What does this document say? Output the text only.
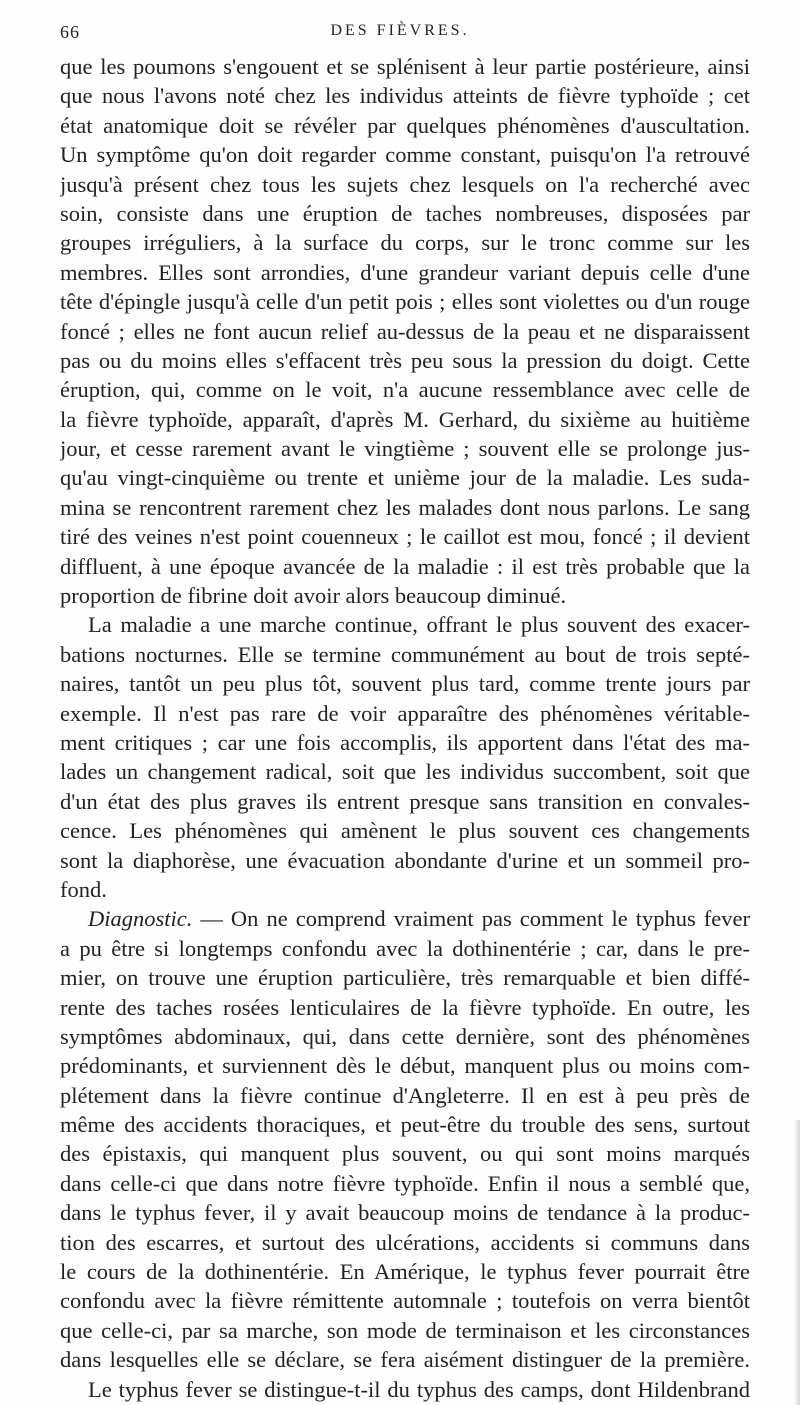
66	DES FIÈVRES.
que les poumons s'engouent et se splénisent à leur partie postérieure, ainsi
que nous l'avons noté chez les individus atteints de fièvre typhoïde ; cet
état anatomique doit se révéler par quelques phénomènes d'auscultation.
Un symptôme qu'on doit regarder comme constant, puisqu'on l'a retrouvé
jusqu'à présent chez tous les sujets chez lesquels on l'a recherché avec
soin, consiste dans une éruption de taches nombreuses, disposées par
groupes irréguliers, à la surface du corps, sur le tronc comme sur les
membres. Elles sont arrondies, d'une grandeur variant depuis celle d'une
tête d'épingle jusqu'à celle d'un petit pois ; elles sont violettes ou d'un rouge
foncé ; elles ne font aucun relief au-dessus de la peau et ne disparaissent
pas ou du moins elles s'effacent très peu sous la pression du doigt. Cette
éruption, qui, comme on le voit, n'a aucune ressemblance avec celle de
la fièvre typhoïde, apparaît, d'après M. Gerhard, du sixième au huitième
jour, et cesse rarement avant le vingtième ; souvent elle se prolonge jus-
qu'au vingt-cinquième ou trente et unième jour de la maladie. Les suda-
mina se rencontrent rarement chez les malades dont nous parlons. Le sang
tiré des veines n'est point couenneux ; le caillot est mou, foncé ; il devient
diffluent, à une époque avancée de la maladie : il est très probable que la
proportion de fibrine doit avoir alors beaucoup diminué.
La maladie a une marche continue, offrant le plus souvent des exacer-
bations nocturnes. Elle se termine communément au bout de trois septé-
naires, tantôt un peu plus tôt, souvent plus tard, comme trente jours par
exemple. Il n'est pas rare de voir apparaître des phénomènes véritable-
ment critiques ; car une fois accomplis, ils apportent dans l'état des ma-
lades un changement radical, soit que les individus succombent, soit que
d'un état des plus graves ils entrent presque sans transition en convales-
cence. Les phénomènes qui amènent le plus souvent ces changements
sont la diaphorèse, une évacuation abondante d'urine et un sommeil pro-
fond.
Diagnostic. — On ne comprend vraiment pas comment le typhus fever
a pu être si longtemps confondu avec la dothinentérie ; car, dans le pre-
mier, on trouve une éruption particulière, très remarquable et bien diffé-
rente des taches rosées lenticulaires de la fièvre typhoïde. En outre, les
symptômes abdominaux, qui, dans cette dernière, sont des phénomènes
prédominants, et surviennent dès le début, manquent plus ou moins com-
plétement dans la fièvre continue d'Angleterre. Il en est à peu près de
même des accidents thoraciques, et peut-être du trouble des sens, surtout
des épistaxis, qui manquent plus souvent, ou qui sont moins marqués
dans celle-ci que dans notre fièvre typhoïde. Enfin il nous a semblé que,
dans le typhus fever, il y avait beaucoup moins de tendance à la produc-
tion des escarres, et surtout des ulcérations, accidents si communs dans
le cours de la dothinentérie. En Amérique, le typhus fever pourrait être
confondu avec la fièvre rémittente automnale ; toutefois on verra bientôt
que celle-ci, par sa marche, son mode de terminaison et les circonstances
dans lesquelles elle se déclare, se fera aisément distinguer de la première.
Le typhus fever se distingue-t-il du typhus des camps, dont Hildenbrand
